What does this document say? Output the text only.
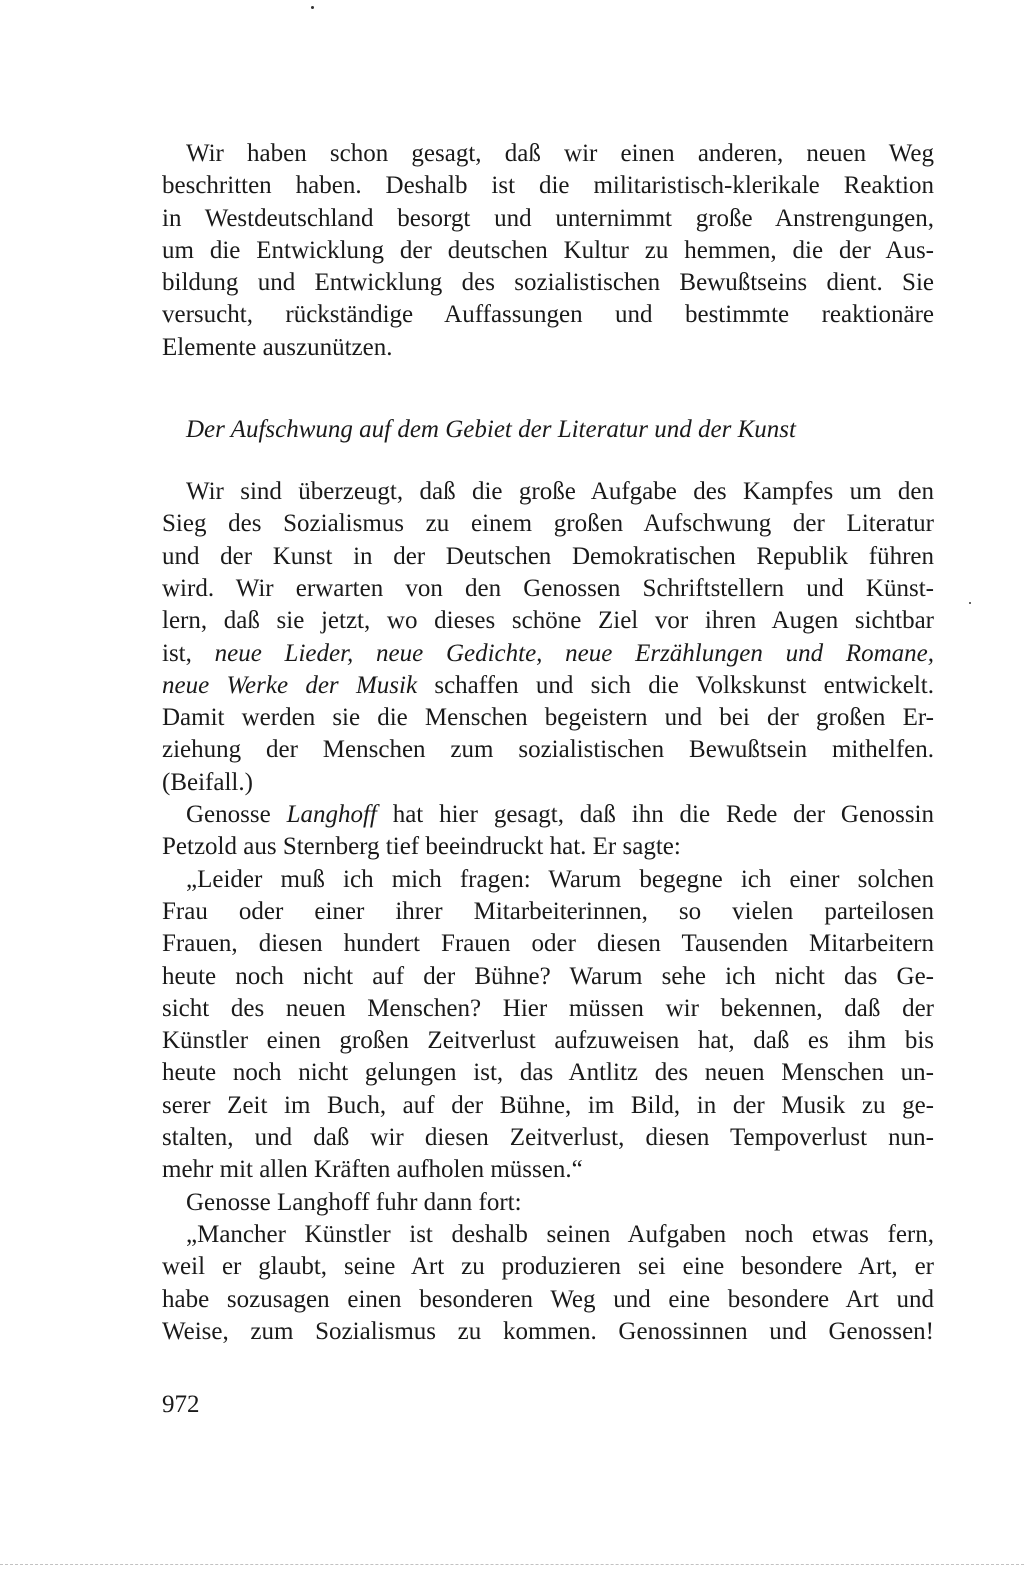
Wir haben schon gesagt, daß wir einen anderen, neuen Weg
beschritten haben. Deshalb ist die militaristisch-klerikale Reaktion
in Westdeutschland besorgt und unternimmt große Anstrengungen,
um die Entwicklung der deutschen Kultur zu hemmen, die der Aus-
bildung und Entwicklung des sozialistischen Bewußtseins dient. Sie
versucht, rückständige Auffassungen und bestimmte reaktionäre
Elemente auszunützen.
Der Aufschwung auf dem Gebiet der Literatur und der Kunst
Wir sind überzeugt, daß die große Aufgabe des Kampfes um den
Sieg des Sozialismus zu einem großen Aufschwung der Literatur
und der Kunst in der Deutschen Demokratischen Republik führen
wird. Wir erwarten von den Genossen Schriftstellern und Künst-
lern, daß sie jetzt, wo dieses schöne Ziel vor ihren Augen sichtbar
ist, neue Lieder, neue Gedichte, neue Erzählungen und Romane,
neue Werke der Musik schaffen und sich die Volkskunst entwickelt.
Damit werden sie die Menschen begeistern und bei der großen Er-
ziehung der Menschen zum sozialistischen Bewußtsein mithelfen.
(Beifall.)
Genosse Langhoff hat hier gesagt, daß ihn die Rede der Genossin
Petzold aus Sternberg tief beeindruckt hat. Er sagte:
„Leider muß ich mich fragen: Warum begegne ich einer solchen
Frau oder einer ihrer Mitarbeiterinnen, so vielen parteilosen
Frauen, diesen hundert Frauen oder diesen Tausenden Mitarbeitern
heute noch nicht auf der Bühne? Warum sehe ich nicht das Ge-
sicht des neuen Menschen? Hier müssen wir bekennen, daß der
Künstler einen großen Zeitverlust aufzuweisen hat, daß es ihm bis
heute noch nicht gelungen ist, das Antlitz des neuen Menschen un-
serer Zeit im Buch, auf der Bühne, im Bild, in der Musik zu ge-
stalten, und daß wir diesen Zeitverlust, diesen Tempoverlust nun-
mehr mit allen Kräften aufholen müssen.“
Genosse Langhoff fuhr dann fort:
„Mancher Künstler ist deshalb seinen Aufgaben noch etwas fern,
weil er glaubt, seine Art zu produzieren sei eine besondere Art, er
habe sozusagen einen besonderen Weg und eine besondere Art und
Weise, zum Sozialismus zu kommen. Genossinnen und Genossen!
972
